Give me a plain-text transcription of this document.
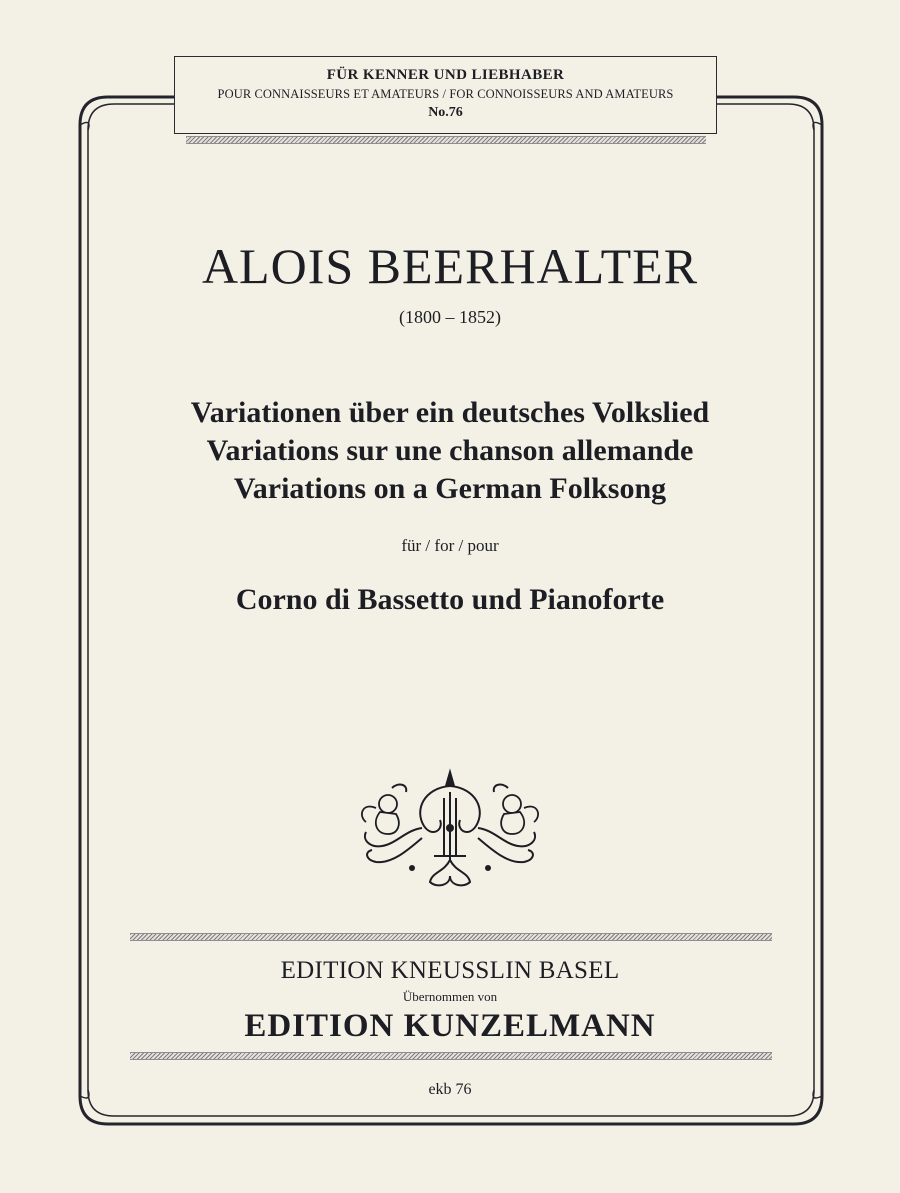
FÜR KENNER UND LIEBHABER
POUR CONNAISSEURS ET AMATEURS / FOR CONNOISSEURS AND AMATEURS
No.76
ALOIS BEERHALTER
(1800 – 1852)
Variationen über ein deutsches Volkslied
Variations sur une chanson allemande
Variations on a German Folksong
für / for / pour
Corno di Bassetto und Pianoforte
EDITION KNEUSSLIN BASEL
Übernommen von
EDITION KUNZELMANN
ekb 76
